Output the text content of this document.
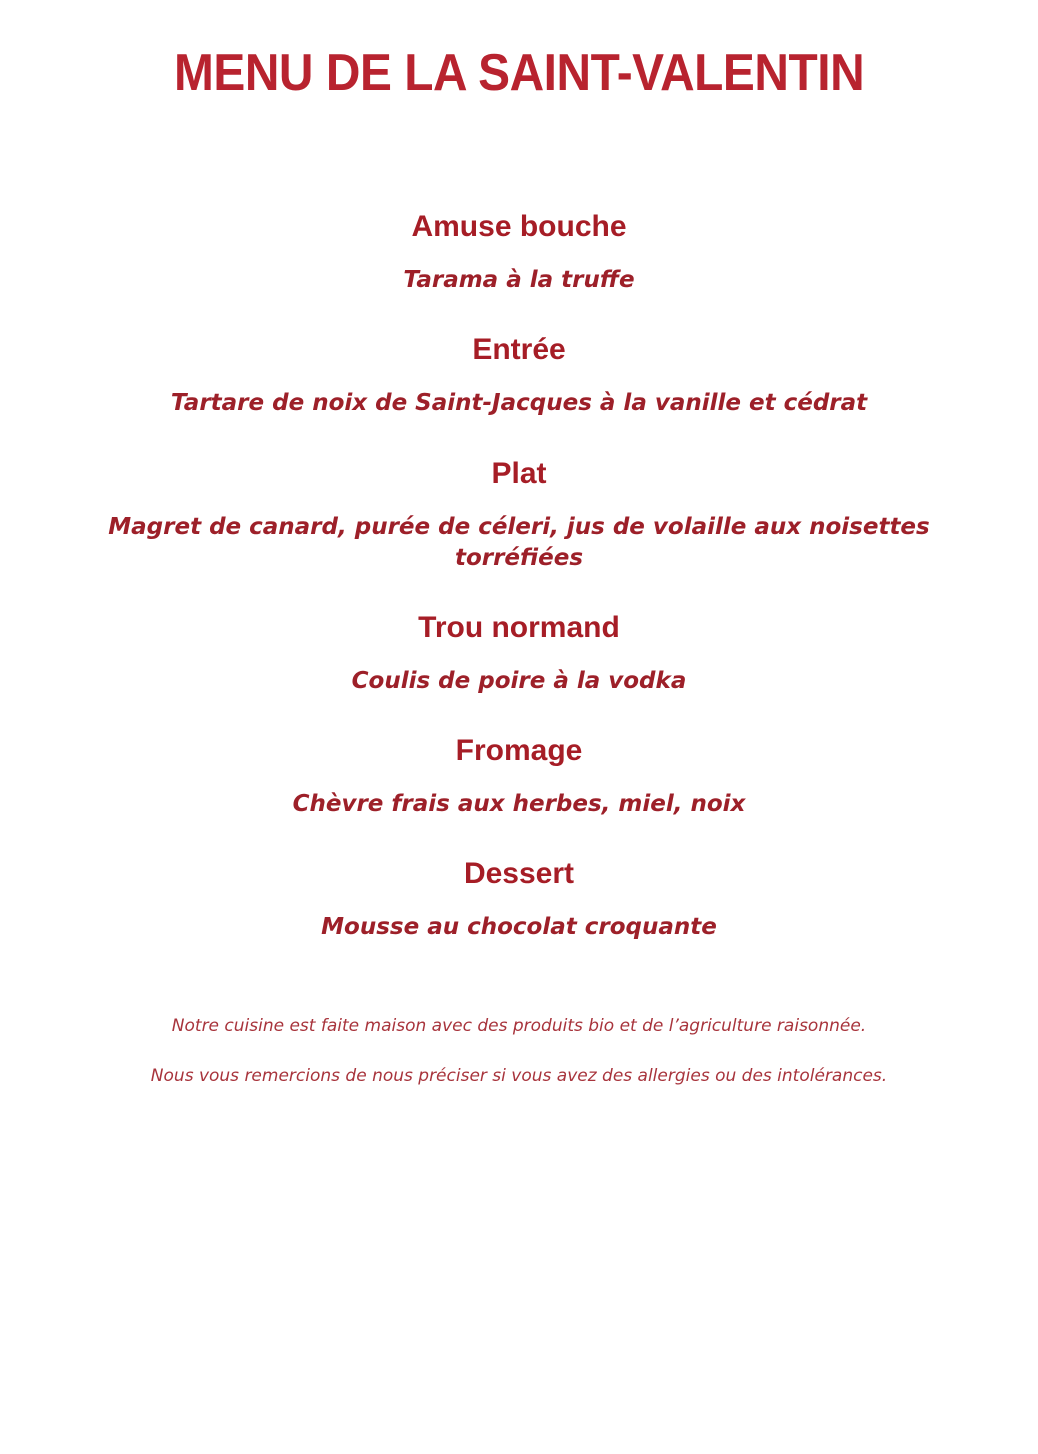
MENU DE LA SAINT-VALENTIN
Amuse bouche
Tarama à la truffe
Entrée
Tartare de noix de Saint-Jacques à la vanille et cédrat
Plat
Magret de canard, purée de céleri, jus de volaille aux noisettes torréfiées
Trou normand
Coulis de poire à la vodka
Fromage
Chèvre frais aux herbes, miel, noix
Dessert
Mousse au chocolat croquante
Notre cuisine est faite maison avec des produits bio et de l’agriculture raisonnée.
Nous vous remercions de nous préciser si vous avez des allergies ou des intolérances.
